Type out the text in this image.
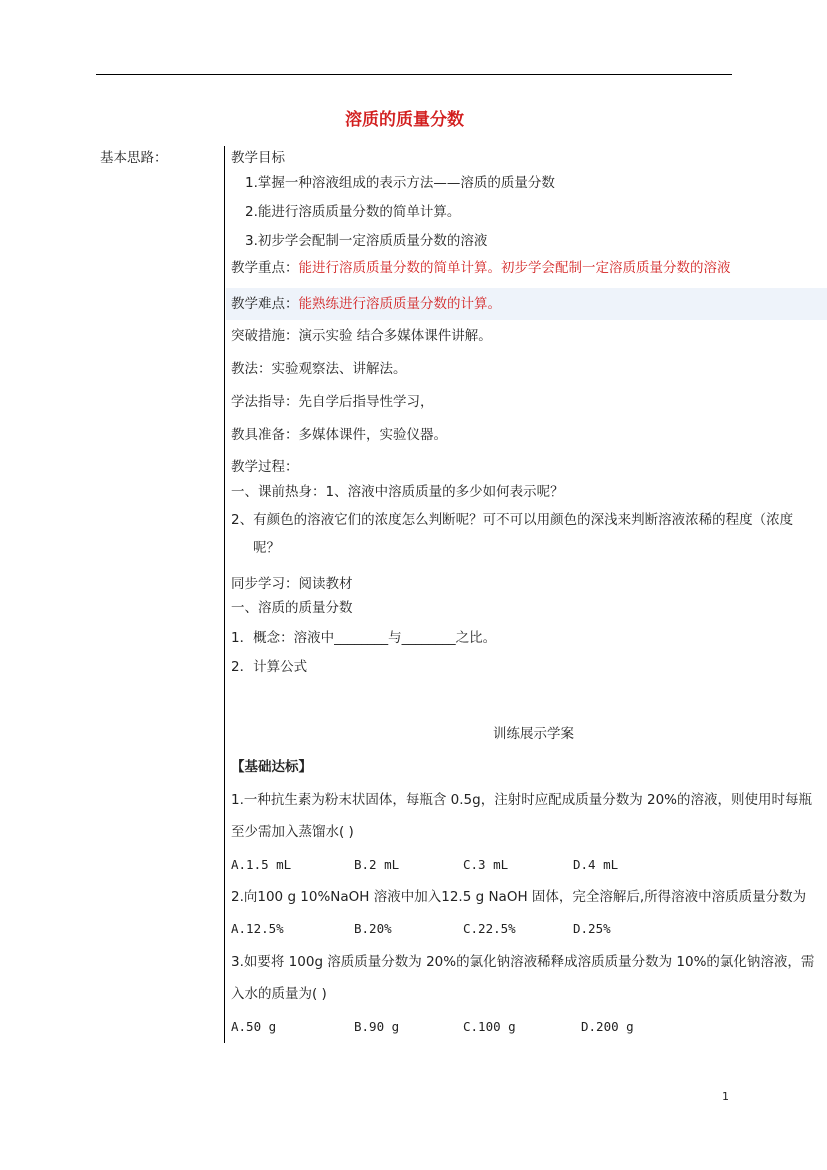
溶质的质量分数
基本思路：	教学目标
1.掌握一种溶液组成的表示方法——溶质的质量分数
2.能进行溶质质量分数的简单计算。
3.初步学会配制一定溶质质量分数的溶液
教学重点：能进行溶质质量分数的简单计算。初步学会配制一定溶质质量分数的溶液
教学难点：能熟练进行溶质质量分数的计算。
突破措施：演示实验 结合多媒体课件讲解。
教法：实验观察法、讲解法。
学法指导：先自学后指导性学习，
教具准备：多媒体课件，实验仪器。
教学过程：
一、课前热身：1、溶液中溶质质量的多少如何表示呢？
2、有颜色的溶液它们的浓度怎么判断呢？可不可以用颜色的深浅来判断溶液浓稀的程度（浓度
呢？
同步学习：阅读教材
一、溶质的质量分数
1．概念：溶液中________与________之比。
2．计算公式
训练展示学案
【基础达标】
1.一种抗生素为粉末状固体，每瓶含 0.5g，注射时应配成质量分数为 20%的溶液，则使用时每瓶
至少需加入蒸馏水( )
A.1.5 mL	B.2 mL	C.3 mL	D.4 mL
2.向100 g 10%NaOH 溶液中加入12.5 g NaOH 固体，完全溶解后,所得溶液中溶质质量分数为
A.12.5%	B.20%	C.22.5%	D.25%
3.如要将 100g 溶质质量分数为 20%的氯化钠溶液稀释成溶质质量分数为 10%的氯化钠溶液，需
入水的质量为( )
A.50 g	B.90 g	C.100 g	D.200 g
1
